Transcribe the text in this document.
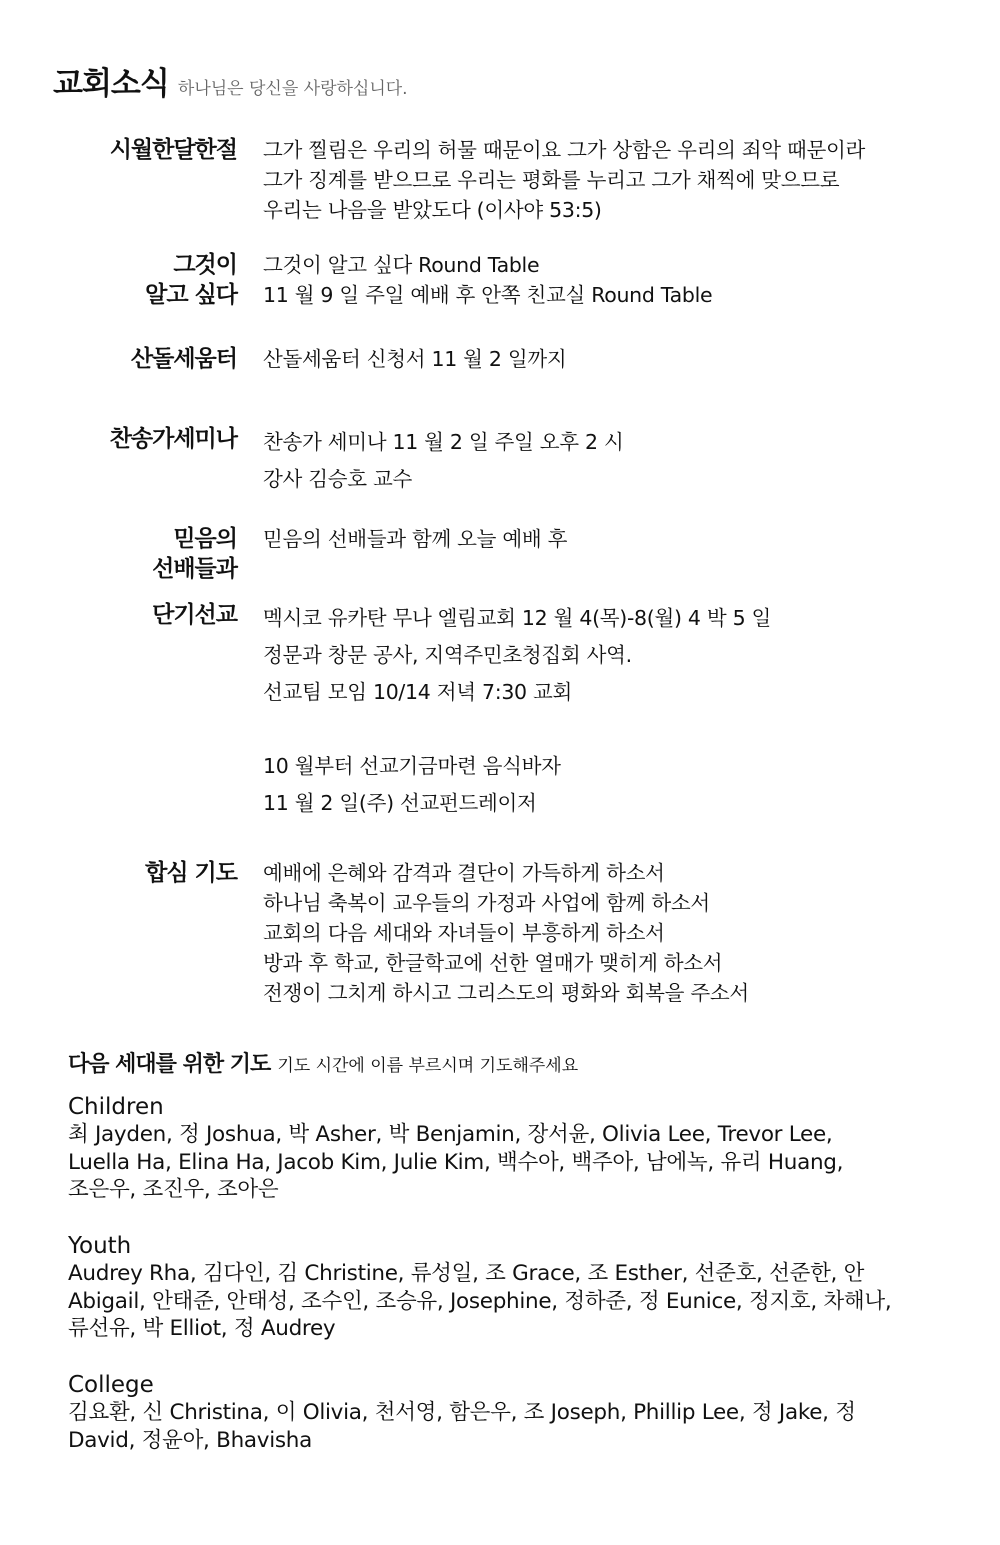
교회소식 하나님은 당신을 사랑하십니다.
시월한달한절 그가 찔림은 우리의 허물 때문이요 그가 상함은 우리의 죄악 때문이라
그가 징계를 받으므로 우리는 평화를 누리고 그가 채찍에 맞으므로
우리는 나음을 받았도다 (이사야 53:5)
그것이
알고 싶다
그것이 알고 싶다 Round Table
11 월 9 일 주일 예배 후 안쪽 친교실 Round Table
산돌세움터 산돌세움터 신청서 11 월 2 일까지
찬송가세미나 찬송가 세미나 11 월 2 일 주일 오후 2 시
강사 김승호 교수
믿음의
선배들과
믿음의 선배들과 함께 오늘 예배 후
단기선교 멕시코 유카탄 무나 엘림교회 12 월 4(목)-8(월) 4 박 5 일
정문과 창문 공사, 지역주민초청집회 사역.
선교팀 모임 10/14 저녁 7:30 교회
10 월부터 선교기금마련 음식바자
11 월 2 일(주) 선교펀드레이저
합심 기도 예배에 은혜와 감격과 결단이 가득하게 하소서
하나님 축복이 교우들의 가정과 사업에 함께 하소서
교회의 다음 세대와 자녀들이 부흥하게 하소서
방과 후 학교, 한글학교에 선한 열매가 맺히게 하소서
전쟁이 그치게 하시고 그리스도의 평화와 회복을 주소서
다음 세대를 위한 기도 기도 시간에 이름 부르시며 기도해주세요
Children
최 Jayden, 정 Joshua, 박 Asher, 박 Benjamin, 장서윤, Olivia Lee, Trevor Lee,
Luella Ha, Elina Ha, Jacob Kim, Julie Kim, 백수아, 백주아, 남에녹, 유리 Huang,
조은우, 조진우, 조아은
Youth
Audrey Rha, 김다인, 김 Christine, 류성일, 조 Grace, 조 Esther, 선준호, 선준한, 안
Abigail, 안태준, 안태성, 조수인, 조승유, Josephine, 정하준, 정 Eunice, 정지호, 차해나,
류선유, 박 Elliot, 정 Audrey
College
김요환, 신 Christina, 이 Olivia, 천서영, 함은우, 조 Joseph, Phillip Lee, 정 Jake, 정
David, 정윤아, Bhavisha
